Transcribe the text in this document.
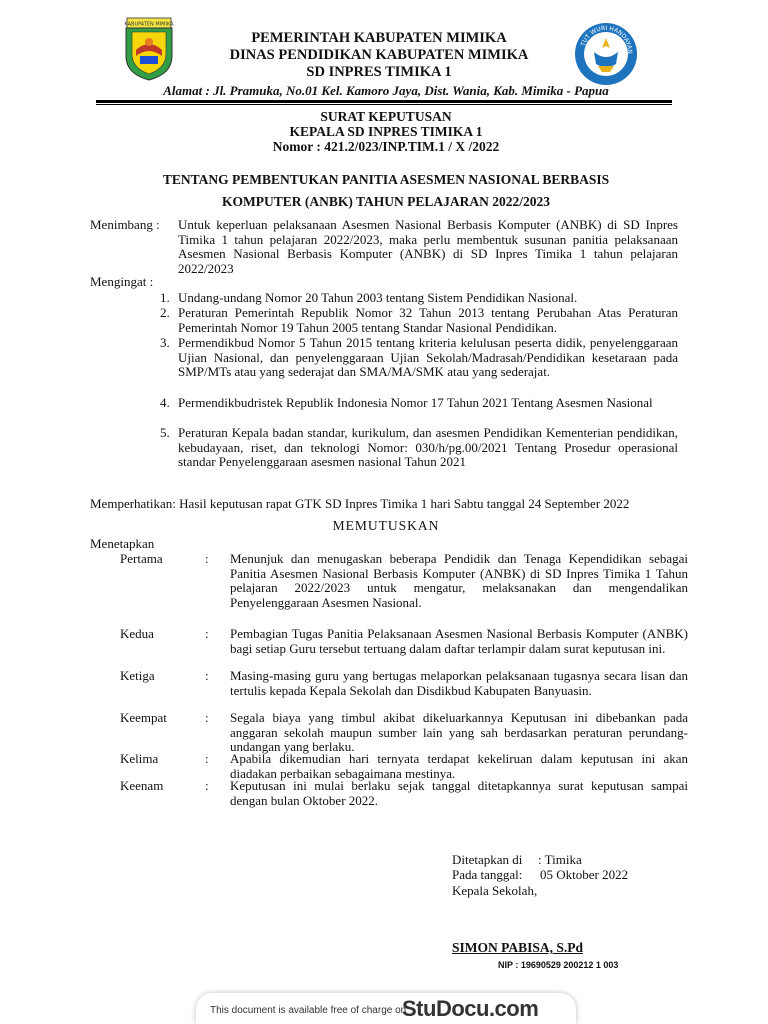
KABUPATEN MIMIKA
TUT WURI HANDAYAN
PEMERINTAH KABUPATEN MIMIKA
DINAS PENDIDIKAN KABUPATEN MIMIKA
SD INPRES TIMIKA 1
Alamat : Jl. Pramuka, No.01 Kel. Kamoro Jaya, Dist. Wania, Kab. Mimika - Papua
SURAT KEPUTUSAN
KEPALA SD INPRES TIMIKA 1
Nomor : 421.2/023/INP.TIM.1 / X /2022
TENTANG PEMBENTUKAN PANITIA ASESMEN NASIONAL BERBASIS
KOMPUTER (ANBK) TAHUN PELAJARAN 2022/2023
Menimbang : Untuk keperluan pelaksanaan Asesmen Nasional Berbasis Komputer (ANBK) di SD Inpres Timika 1 tahun pelajaran 2022/2023, maka perlu membentuk susunan panitia pelaksanaan Asesmen Nasional Berbasis Komputer (ANBK) di SD Inpres Timika 1 tahun pelajaran 2022/2023
Mengingat :
1. Undang-undang Nomor 20 Tahun 2003 tentang Sistem Pendidikan Nasional.
2. Peraturan Pemerintah Republik Nomor 32 Tahun 2013 tentang Perubahan Atas Peraturan Pemerintah Nomor 19 Tahun 2005 tentang Standar Nasional Pendidikan.
3. Permendikbud Nomor 5 Tahun 2015 tentang kriteria kelulusan peserta didik, penyelenggaraan Ujian Nasional, dan penyelenggaraan Ujian Sekolah/Madrasah/Pendidikan kesetaraan pada SMP/MTs atau yang sederajat dan SMA/MA/SMK atau yang sederajat.
4. Permendikbudristek Republik Indonesia Nomor 17 Tahun 2021 Tentang Asesmen Nasional
5. Peraturan Kepala badan standar, kurikulum, dan asesmen Pendidikan Kementerian pendidikan, kebudayaan, riset, dan teknologi Nomor: 030/h/pg.00/2021 Tentang Prosedur operasional standar Penyelenggaraan asesmen nasional Tahun 2021
Memperhatikan: Hasil keputusan rapat GTK SD Inpres Timika 1 hari Sabtu tanggal 24 September 2022
MEMUTUSKAN
Menetapkan
Pertama	: Menunjuk dan menugaskan beberapa Pendidik dan Tenaga Kependidikan sebagai Panitia Asesmen Nasional Berbasis Komputer (ANBK) di SD Inpres Timika 1 Tahun pelajaran 2022/2023 untuk mengatur, melaksanakan dan mengendalikan Penyelenggaraan Asesmen Nasional.
Kedua	: Pembagian Tugas Panitia Pelaksanaan Asesmen Nasional Berbasis Komputer (ANBK) bagi setiap Guru tersebut tertuang dalam daftar terlampir dalam surat keputusan ini.
Ketiga	: Masing-masing guru yang bertugas melaporkan pelaksanaan tugasnya secara lisan dan tertulis kepada Kepala Sekolah dan Disdikbud Kabupaten Banyuasin.
Keempat	: Segala biaya yang timbul akibat dikeluarkannya Keputusan ini dibebankan pada anggaran sekolah maupun sumber lain yang sah berdasarkan peraturan perundang-undangan yang berlaku.
Kelima	: Apabila dikemudian hari ternyata terdapat kekeliruan dalam keputusan ini akan diadakan perbaikan sebagaimana mestinya.
Keenam	: Keputusan ini mulai berlaku sejak tanggal ditetapkannya surat keputusan sampai dengan bulan Oktober 2022.
Ditetapkan di : Timika
Pada tanggal: 05 Oktober 2022
Kepala Sekolah,
SIMON PABISA, S.Pd
NIP : 19690529 200212 1 003
This document is available free of charge on
StuDocu.com
